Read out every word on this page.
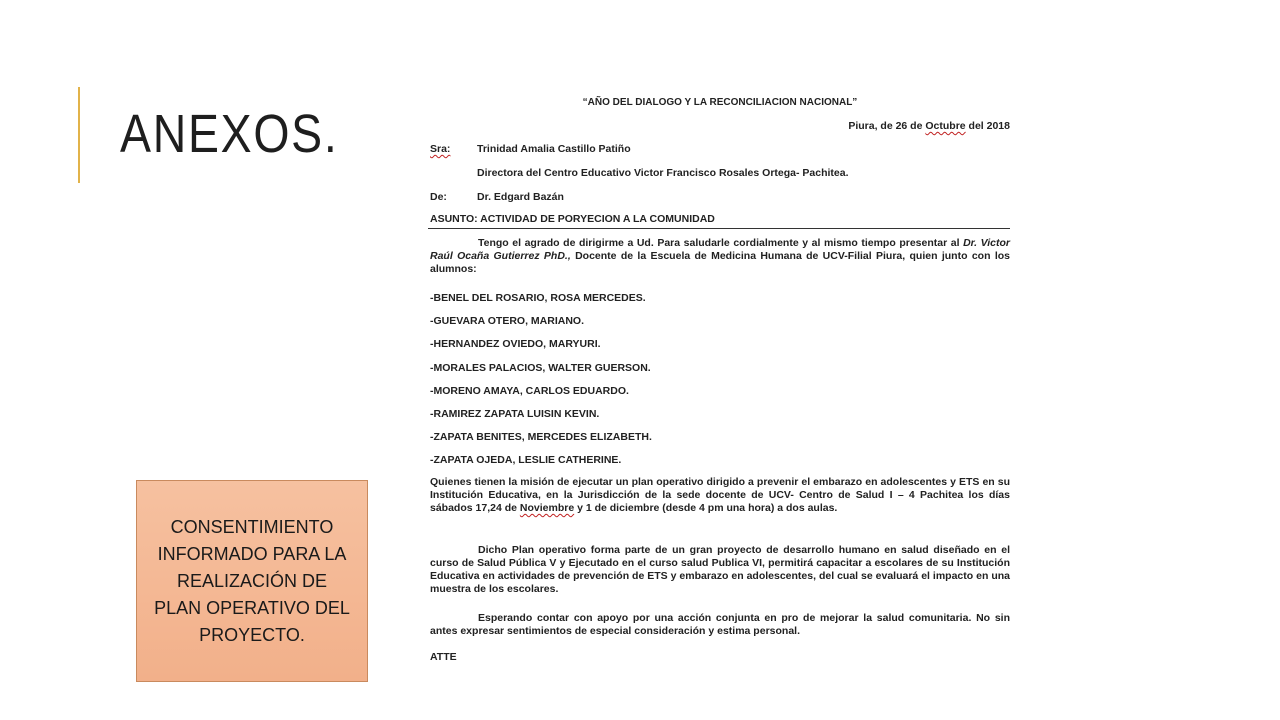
ANEXOS.
“AÑO DEL DIALOGO Y LA RECONCILIACION NACIONAL”
Piura, de 26 de Octubre del 2018
Sra:	Trinidad Amalia Castillo Patiño
Directora del Centro Educativo Victor Francisco Rosales Ortega- Pachitea.
De:	Dr. Edgard Bazán
ASUNTO: ACTIVIDAD DE PORYECION A LA COMUNIDAD
Tengo el agrado de dirigirme a Ud. Para saludarle cordialmente y al mismo tiempo presentar al Dr. Victor Raúl Ocaña Gutierrez PhD., Docente de la Escuela de Medicina Humana de UCV-Filial Piura, quien junto con los alumnos:
-BENEL DEL ROSARIO, ROSA MERCEDES.
-GUEVARA OTERO, MARIANO.
-HERNANDEZ OVIEDO, MARYURI.
-MORALES PALACIOS, WALTER GUERSON.
-MORENO AMAYA, CARLOS EDUARDO.
-RAMIREZ ZAPATA LUISIN KEVIN.
-ZAPATA BENITES, MERCEDES ELIZABETH.
-ZAPATA OJEDA, LESLIE CATHERINE.
Quienes tienen la misión de ejecutar un plan operativo dirigido a prevenir el embarazo en adolescentes y ETS en su Institución Educativa, en la Jurisdicción de la sede docente de UCV- Centro de Salud I – 4 Pachitea los días sábados 17,24 de Noviembre y 1 de diciembre (desde 4 pm una hora) a dos aulas.
Dicho Plan operativo forma parte de un gran proyecto de desarrollo humano en salud diseñado en el curso de Salud Pública V y Ejecutado en el curso salud Publica VI, permitirá capacitar a escolares de su Institución Educativa en actividades de prevención de ETS y embarazo en adolescentes, del cual se evaluará el impacto en una muestra de los escolares.
Esperando contar con apoyo por una acción conjunta en pro de mejorar la salud comunitaria. No sin antes expresar sentimientos de especial consideración y estima personal.
ATTE

CONSENTIMIENTO INFORMADO PARA LA REALIZACIÓN DE PLAN OPERATIVO DEL PROYECTO.
